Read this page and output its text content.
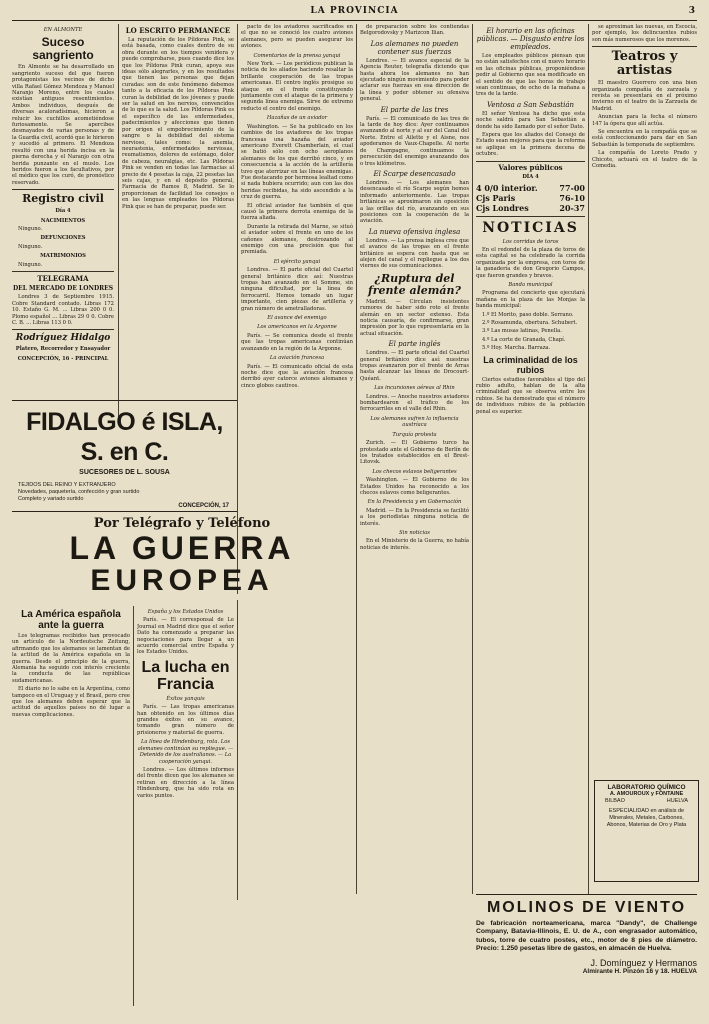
LA PROVINCIA	3
EN ALMONTE
Suceso sangriento

En Almonte se ha desarrollado un sangriento suceso del que fueron protagonistas los vecinos de dicho villa Rafael Gómez Mendoza y Manuel Naranjo Moreno, entre los cuales existían antiguos resentimientos. Ambos individuos, después de diversas acaloradísimas, hicieron a relucir los cuchillos acometiéndose furiosamente. Se apercibes desmayados de varias personas y de la Guardia civil, acordó que le hirieron y sucedió al primero. El Mendoza resultó con una herida incisa en la pierna derecha y el Naranjo con otra herida punzante en el muslo. Los heridos fueron a los facultativos, por el médico que los curó, de pronóstico reservado.

Registro civil
Día 4
NACIMIENTOS

Ninguno.

DEFUNCIONES

Ninguno.

MATRIMONIOS

Ninguno.

TELEGRAMA
DEL MERCADO DE LONDRES

Londres 3 de Septiembre 1915. Cobre Standard contado. Libras 172 10. Estaño G. M. ... Libras 200 0 0. Plomo español ... Libras 29 0 0. Cobre C. B. ... Libras 113 0 0.

Rodríguez Hidalgo
Platero, Recorredor y Ensayador
CONCEPCIÓN, 16 - PRINCIPAL
LO ESCRITO PERMANECE

La reputación de los Píldoras Pink, se está basada, como cuales dentro de su obra durante en los tiempos venidera y puede comprobarse, pues cuando dice los que los Píldoras Pink curan, apoya sus ideas sólo alegrarles, y en los resultados que tienen las personas que dejan curadas: son de este fenómeno debemos tanto a la eficacia de los Píldoras Pink curan la debilidad de los jóvenes y puede ser la salud en los nervios, convencidos de lo que es la salud. Los Píldoras Pink es el específico de las enfermedades, padecimientos y afecciones que tienen por origen el empobrecimiento de la sangre o la debilidad del sistema nervioso, tales como: la anemia, neurastenia, enfermedades nerviosas, reumatismos, dolores de estómago, dolor de cabeza, neuralgias, etc. Las Píldoras Pink se venden en todas las farmacias al precio de 4 pesetas la caja, 22 pesetas las seis cajas, y en el depósito general, Farmacia de Ramos 8, Madrid. Se lo proporcionan de facilidad los consejos o en las lenguas empleados los Píldoras Pink que se han de preparar, puede ser.

FIDALGO é ISLA, S. en C.
SUCESORES DE L. SOUSA
TEJIDOS DEL REINO Y EXTRANJERO
Novedades, paquetería, confección y gran surtido
Completo y variado surtido
CONCEPCIÓN, 17
Por Telégrafo y Teléfono
LA GUERRA
EUROPEA
La América española ante la guerra

Los telegramas recibidos han provocado un artículo de la Nordeutsche Zeitung, afirmando que los alemanes se lamentan de la actitud de la América española en la guerra. Desde el principio de la guerra, Alemania ha seguido con interés creciente la conducta de las repúblicas sudamericanas.

El diario no lo sabe en la Argentina, como tampoco en el Uruguay y el Brasil, pero cree que los alemanes deben esperar que la actitud de aquellos países no dé lugar a nuevas complicaciones.

España y los Estados Unidos

París. — El corresponsal de Le Journal en Madrid dice que el señor Dato ha comenzado a preparar las negociaciones para llegar a un acuerdo comercial entre España y los Estados Unidos.

La lucha en Francia
Éxitos yanquis

París. — Las tropas americanas han obtenido en los últimos días grandes éxitos en su avance, tomando gran número de prisioneros y material de guerra.

La línea de Hindenburg, rota. Los alemanes continúan su repliegue. — Detenido de los australianos. — La cooperación yanqui.

Londres. — Los últimos informes del frente dicen que los alemanes se retiran en dirección a la línea Hindenburg, que ha sido rota en varios puntos.

pacto de los aviadores sacrificados en el que no se conoció los cuatro aviones alemanes, pero se pueden asegurar los aviones.

Comentarios de la prensa yanqui

New York. — Los periódicos publican la noticia de los aliados haciendo resaltar la brillante cooperación de las tropas americanas. El centro inglés prosigue su ataque en el frente constituyendo juntamente con el ataque de la primera y segunda línea enemiga. Sirve de extremo reducto el centro del enemigo.

Hazañas de un aviador

Washington. — Se ha publicado en los cambios de los aviadores de los tropas francesas una hazaña del aviador americano Everett Chamberlain, el cual se batió sólo con ocho aeroplanos alemanes de los que derribó cinco, y en consecuencia a la acción de la artillería tuvo que aterrizar en las líneas enemigas. Fue destacando por hermosa lealtad como si nada hubiera ocurrido; aun con las dos heridas recibidas, ha sido ascendido a la cruz de guerra.

El oficial aviador fue también el que causó la primera derrota enemiga de la fuerza aliada.

Durante la retirada del Marne, se situó el aviador sobre el frente en uno de los cañones alemanes, destrozando al enemigo con una precisión que fue premiada.

El ejército yanqui

Londres. — El parte oficial del Cuartel general británico dice así: Nuestras tropas han avanzado en el Somme, sin ninguna dificultad, por la línea de ferrocarril. Hemos tomado un lugar importante, cien piezas de artillería y gran número de ametralladoras.

El avance del enemigo
Los americanos en la Argonne

París. — Se comunica desde el frente que las tropas americanas continúan avanzando en la región de la Argonne.

La aviación francesa

París. — El comunicado oficial de esta noche dice que la aviación francesa derribó ayer catorce aviones alemanes y cinco globos cautivos.

de preparación sobre los contiendas Belgorodovsky y Marizcon Ilian.

Los alemanes no pueden contener sus fuerzas

Londres. — El avance especial de la Agencia Reuter, telegrafía diciendo que hasta ahora los alemanes no han ejecutado ningún movimiento para poder aclarar sus fuerzas en esa dirección de la línea y poder obtener su ofensiva general.

El parte de las tres

París. — El comunicado de las tres de la tarde de hoy dice: Ayer continuamos avanzando al norte y al sur del Canal del Norte. Entre el Ailette y el Aisne, nos apoderamos de Vaux-Chapelle. Al norte de Champagne, continuamos la persecución del enemigo avanzando dos o tres kilómetros.

El Scarpe desencasado

Londres. — Los alemanes han desencasado el río Scarpe según hemos informado anteriormente. Las tropas británicas se aproximaron sin oposición a las orillas del río, avanzando en sus posiciones con la cooperación de la aviación.

La nueva ofensiva inglesa

Londres. — La prensa inglesa cree que el avance de las tropas en el frente británico se espera con hasta que se alejen del canal y el repliegue a los dos viernes de sus comunicaciones.

¿Ruptura del frente alemán?

Madrid. — Circulan insistentes rumores de haber sido roto el frente alemán en un sector extenso. Esta noticia causaría, de confirmarse, gran impresión por lo que representaría en la actual situación.

El parte inglés

Londres. — El parte oficial del Cuartel general británico dice así: nuestras tropas avanzaron por el frente de Arras hasta alcanzar las líneas de Drocourt-Quéant.

Las incursiones aéreas al Rhin

Londres. — Anoche nuestros aviadores bombardearon el tráfico de los ferrocarriles en el valle del Rhin.

Los alemanes sufren la influencia austríaca
Turquía protesta

Zurich. — El Gobierno turco ha protestado ante el Gobierno de Berlín de los tratados establecidos en el Brest-Litovsk.

Los checos eslavos beligerantes

Washington. — El Gobierno de los Estados Unidos ha reconocido a los checos eslavos como beligerantes.

En la Presidencia y en Gobernación

Madrid. — En la Presidencia se facilitó a los periodistas ninguna noticia de interés.

Sin noticias

En el Ministerio de la Guerra, no había noticias de interés.

El horario en las oficinas públicas. — Disgusto entre los empleados.

Los empleados públicos piensan que no están satisfechos con el nuevo horario en las oficinas públicas, proponiéndose pedir al Gobierno que sea modificado en el sentido de que las horas de trabajo sean continuas, de ocho de la mañana a tres de la tarde.

Ventosa a San Sebastián

El señor Ventosa ha dicho que esta noche saldrá para San Sebastián a donde ha sido llamado por el señor Dato.

Espera que los aliados del Consejo de Estado sean mejores para que la reforma se aplique en la primera decena de octubre.

Valores públicos
DÍA 4
4 0/0 interior.	77-00
Cjs Paris	76-10
Cjs Londres	20-37
NOTICIAS
Los corridas de toros

En el redondel de la plaza de toros de esta capital se ha celebrado la corrida organizada por la empresa, con toros de la ganadería de don Gregorio Campos, que fueron grandes y bravos.

Banda municipal

Programa del concierto que ejecutará mañana en la plaza de las Monjas la banda municipal:

1.º El Morito, paso doble. Serrano.

2.º Rosamunda, obertura. Schubert.

3.º Las musas latinas, Penella.

4.º La corte de Granada, Chapí.

5.º Hoy. Marcha. Barraza.

La criminalidad de los rubios

Ciertos estudios favorables al tipo del rubio adulto, hablan de la alta criminalidad que se observa entre los rubios. Se ha demostrado que el número de individuos rubios de la población penal es superior.

se aproximan las nuevas, en Escocia, por ejemplo, los delincuentes rubios son más numerosos que los morenos.

Teatros y artistas

El maestro Guerrero con una bien organizada compañía de zarzuela y revista se presentará en el próximo invierno en el teatro de la Zarzuela de Madrid.

Anuncian para la fecha el número 147 la ópera que allí actúa.

Se encuentra en la compañía que se está confeccionando para dar en San Sebastián la temporada de septiembre.

La compañía de Loreto Prado y Chicote, actuará en el teatro de la Comedia.

LABORATORIO QUÍMICO
A. AMOUROUX y FONTAINE
BILBAO	HUELVA
ESPECIALIDAD en análisis de Minerales, Metales, Carbones, Abonos, Materias de Oro y Plata
MOLINOS DE VIENTO
De fabricación norteamericana, marca "Dandy", de Challenge Company, Batavia-Illinois, E. U. de A., con engrasador automático, tubos, torre de cuatro postes, etc., motor de 8 pies de diámetro. Precio: 1.250 pesetas libre de gastos, en almacén de Huelva.
J. Domínguez y Hermanos
Almirante H. Pinzón 16 y 18. HUELVA
